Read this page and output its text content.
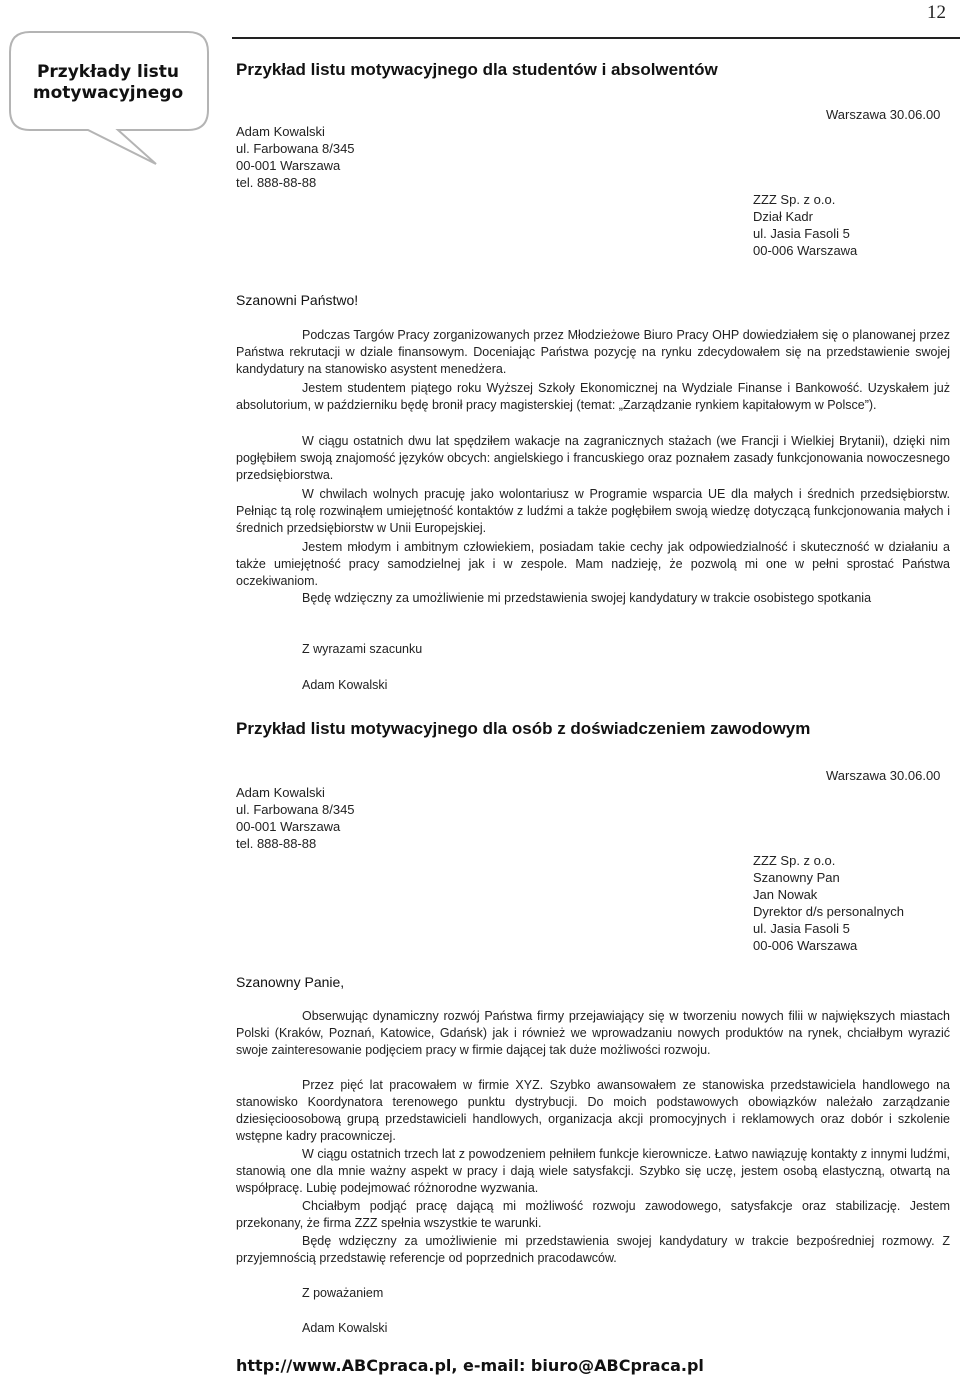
12
Przykłady listu
motywacyjnego
Przykład listu motywacyjnego dla studentów i absolwentów
Adam Kowalski
ul. Farbowana 8/345
00-001 Warszawa
tel. 888-88-88
Warszawa 30.06.00
ZZZ Sp. z o.o.
Dział Kadr
ul. Jasia Fasoli 5
00-006 Warszawa
Szanowni Państwo!

Podczas Targów Pracy zorganizowanych przez Młodzieżowe Biuro Pracy OHP dowiedziałem się o planowanej przez Państwa rekrutacji w dziale finansowym. Doceniając Państwa pozycję na rynku zdecydowałem się na przedstawienie swojej kandydatury na stanowisko asystent menedżera.

Jestem studentem piątego roku Wyższej Szkoły Ekonomicznej na Wydziale Finanse i Bankowość. Uzyskałem już absolutorium, w październiku będę bronił pracy magisterskiej (temat: „Zarządzanie rynkiem kapitałowym w Polsce”).

W ciągu ostatnich dwu lat spędziłem wakacje na zagranicznych stażach (we Francji i Wielkiej Brytanii), dzięki nim pogłębiłem swoją znajomość języków obcych: angielskiego i francuskiego oraz poznałem zasady funkcjonowania nowoczesnego przedsiębiorstwa.

W chwilach wolnych pracuję jako wolontariusz w Programie wsparcia UE dla małych i średnich przedsiębiorstw. Pełniąc tą rolę rozwinąłem umiejętność kontaktów z ludźmi a także pogłębiłem swoją wiedzę dotyczącą funkcjonowania małych i średnich przedsiębiorstw w Unii Europejskiej.

Jestem młodym i ambitnym człowiekiem, posiadam takie cechy jak odpowiedzialność i skuteczność w działaniu a także umiejętność pracy samodzielnej jak i w zespole. Mam nadzieję, że pozwolą mi one w pełni sprostać Państwa oczekiwaniom.

Będę wdzięczny za umożliwienie mi przedstawienia swojej kandydatury w trakcie osobistego spotkania

Z wyrazami szacunku
Adam Kowalski
Przykład listu motywacyjnego dla osób z doświadczeniem zawodowym
Warszawa 30.06.00
Adam Kowalski
ul. Farbowana 8/345
00-001 Warszawa
tel. 888-88-88
ZZZ Sp. z o.o.
Szanowny Pan
Jan Nowak
Dyrektor d/s personalnych
ul. Jasia Fasoli 5
00-006 Warszawa
Szanowny Panie,

Obserwując dynamiczny rozwój Państwa firmy przejawiający się w tworzeniu nowych filii w największych miastach Polski (Kraków, Poznań, Katowice, Gdańsk) jak i również we wprowadzaniu nowych produktów na rynek, chciałbym wyrazić swoje zainteresowanie podjęciem pracy w firmie dającej tak duże możliwości rozwoju.

Przez pięć lat pracowałem w firmie XYZ. Szybko awansowałem ze stanowiska przedstawiciela handlowego na stanowisko Koordynatora terenowego punktu dystrybucji. Do moich podstawowych obowiązków należało zarządzanie dziesięcioosobową grupą przedstawicieli handlowych, organizacja akcji promocyjnych i reklamowych oraz dobór i szkolenie wstępne kadry pracowniczej.

W ciągu ostatnich trzech lat z powodzeniem pełniłem funkcje kierownicze. Łatwo nawiązuję kontakty z innymi ludźmi, stanowią one dla mnie ważny aspekt w pracy i dają wiele satysfakcji. Szybko się uczę, jestem osobą elastyczną, otwartą na współpracę. Lubię podejmować różnorodne wyzwania.

Chciałbym podjąć pracę dającą mi możliwość rozwoju zawodowego, satysfakcje oraz stabilizację. Jestem przekonany, że firma ZZZ spełnia wszystkie te warunki.

Będę wdzięczny za umożliwienie mi przedstawienia swojej kandydatury w trakcie bezpośredniej rozmowy. Z przyjemnością przedstawię referencje od poprzednich pracodawców.

Z poważaniem
Adam Kowalski
http://www.ABCpraca.pl, e-mail: biuro@ABCpraca.pl
